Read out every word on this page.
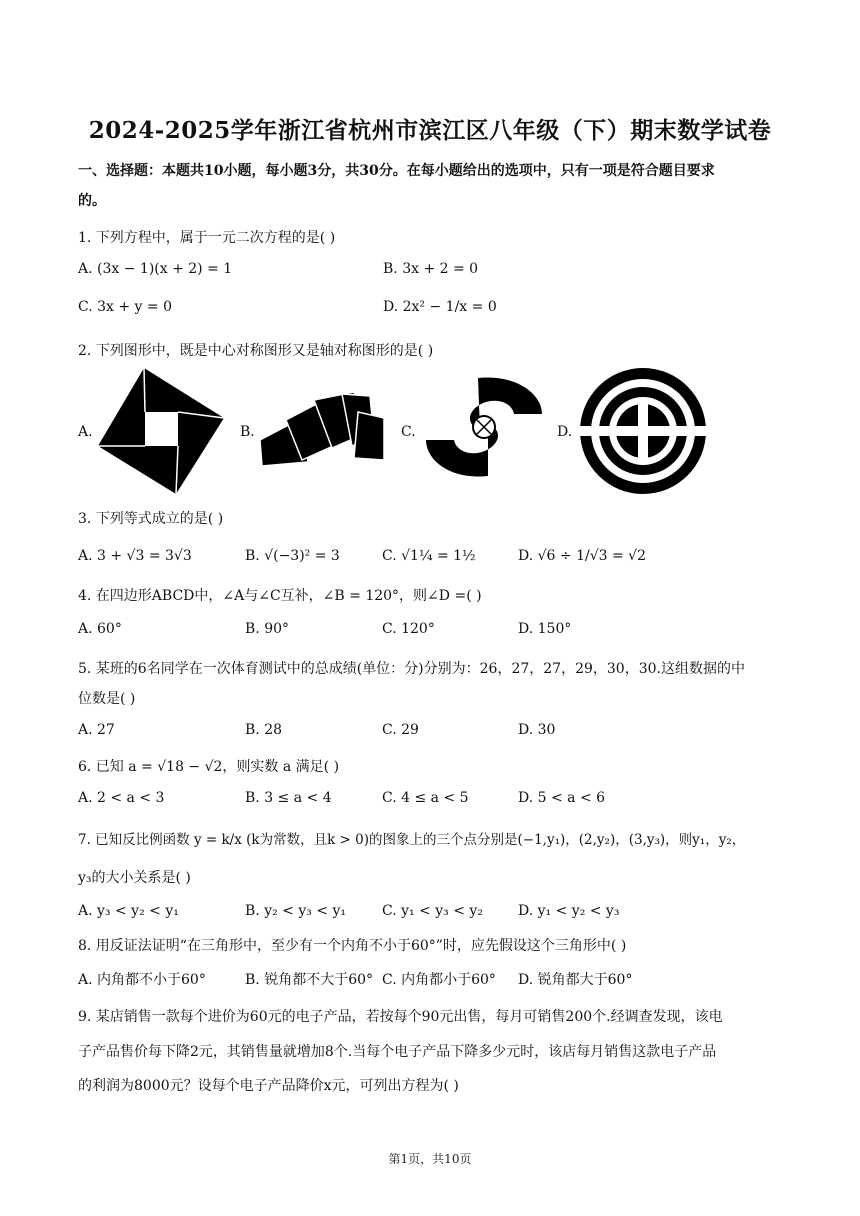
2024-2025学年浙江省杭州市滨江区八年级（下）期末数学试卷
一、选择题：本题共10小题，每小题3分，共30分。在每小题给出的选项中，只有一项是符合题目要求
的。
1. 下列方程中，属于一元二次方程的是( )
A. (3x − 1)(x + 2) = 1	B. 3x + 2 = 0
C. 3x + y = 0	D. 2x² − 1/x = 0
2. 下列图形中，既是中心对称图形又是轴对称图形的是( )
A.	B.	C.	D.
3. 下列等式成立的是( )
A. 3 + √3 = 3√3	B. √(−3)² = 3	C. √1¼ = 1½	D. √6 ÷ 1/√3 = √2
4. 在四边形ABCD中，∠A与∠C互补，∠B = 120°，则∠D =( )
A. 60°	B. 90°	C. 120°	D. 150°
5. 某班的6名同学在一次体育测试中的总成绩(单位：分)分别为：26，27，27，29，30，30.这组数据的中
位数是( )
A. 27	B. 28	C. 29	D. 30
6. 已知 a = √18 − √2，则实数 a 满足( )
A. 2 < a < 3	B. 3 ≤ a < 4	C. 4 ≤ a < 5	D. 5 < a < 6
7. 已知反比例函数 y = k/x (k为常数，且k > 0)的图象上的三个点分别是(−1,y₁)，(2,y₂)，(3,y₃)，则y₁，y₂，
y₃的大小关系是( )
A. y₃ < y₂ < y₁	B. y₂ < y₃ < y₁	C. y₁ < y₃ < y₂	D. y₁ < y₂ < y₃
8. 用反证法证明“在三角形中，至少有一个内角不小于60°”时，应先假设这个三角形中( )
A. 内角都不小于60°	B. 锐角都不大于60° C. 内角都小于60° D. 锐角都大于60°
9. 某店销售一款每个进价为60元的电子产品，若按每个90元出售，每月可销售200个.经调查发现，该电
子产品售价每下降2元，其销售量就增加8个.当每个电子产品下降多少元时，该店每月销售这款电子产品
的利润为8000元？设每个电子产品降价x元，可列出方程为( )
第1页，共10页
